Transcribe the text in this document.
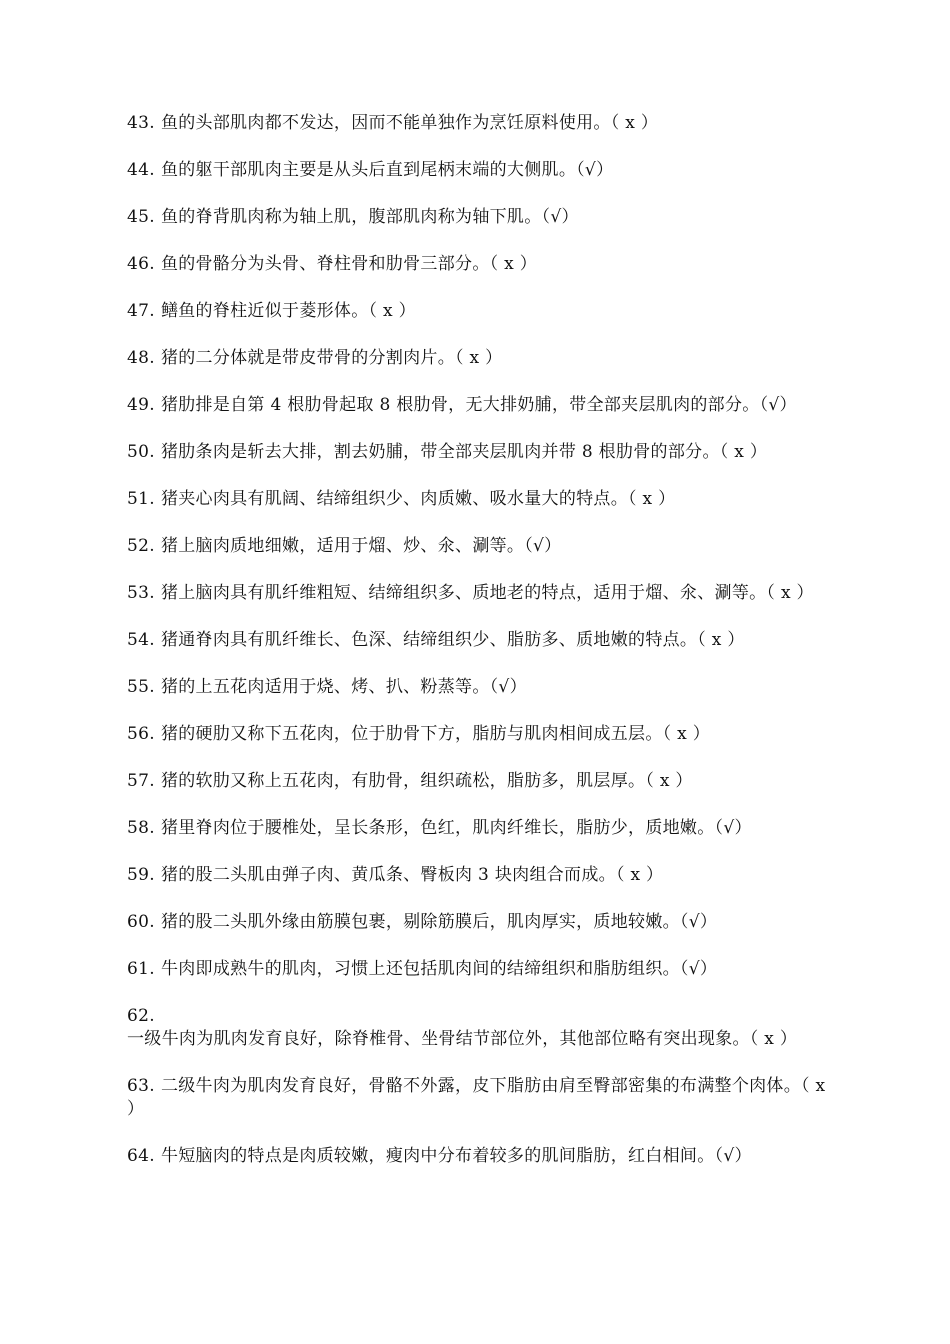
43. 鱼的头部肌肉都不发达，因而不能单独作为烹饪原料使用。（ x ）
44. 鱼的躯干部肌肉主要是从头后直到尾柄末端的大侧肌。（√）
45. 鱼的脊背肌肉称为轴上肌，腹部肌肉称为轴下肌。（√）
46. 鱼的骨骼分为头骨、脊柱骨和肋骨三部分。（ x ）
47. 鳝鱼的脊柱近似于菱形体。（ x ）
48. 猪的二分体就是带皮带骨的分割肉片。（ x ）
49. 猪肋排是自第 4 根肋骨起取 8 根肋骨，无大排奶脯，带全部夹层肌肉的部分。（√）
50. 猪肋条肉是斩去大排，割去奶脯，带全部夹层肌肉并带 8 根肋骨的部分。（ x ）
51. 猪夹心肉具有肌阔、结缔组织少、肉质嫩、吸水量大的特点。（ x ）
52. 猪上脑肉质地细嫩，适用于熘、炒、氽、涮等。（√）
53. 猪上脑肉具有肌纤维粗短、结缔组织多、质地老的特点，适用于熘、氽、涮等。（ x ）
54. 猪通脊肉具有肌纤维长、色深、结缔组织少、脂肪多、质地嫩的特点。（ x ）
55. 猪的上五花肉适用于烧、烤、扒、粉蒸等。（√）
56. 猪的硬肋又称下五花肉，位于肋骨下方，脂肪与肌肉相间成五层。（ x ）
57. 猪的软肋又称上五花肉，有肋骨，组织疏松，脂肪多，肌层厚。（ x ）
58. 猪里脊肉位于腰椎处，呈长条形，色红，肌肉纤维长，脂肪少，质地嫩。（√）
59. 猪的股二头肌由弹子肉、黄瓜条、臀板肉 3 块肉组合而成。（ x ）
60. 猪的股二头肌外缘由筋膜包裹，剔除筋膜后，肌肉厚实，质地较嫩。（√）
61. 牛肉即成熟牛的肌肉，习惯上还包括肌肉间的结缔组织和脂肪组织。（√）
62.一级牛肉为肌肉发育良好，除脊椎骨、坐骨结节部位外，其他部位略有突出现象。（ x ）
63. 二级牛肉为肌肉发育良好，骨骼不外露，皮下脂肪由肩至臀部密集的布满整个肉体。（ x ）
64. 牛短脑肉的特点是肉质较嫩，瘦肉中分布着较多的肌间脂肪，红白相间。（√）
